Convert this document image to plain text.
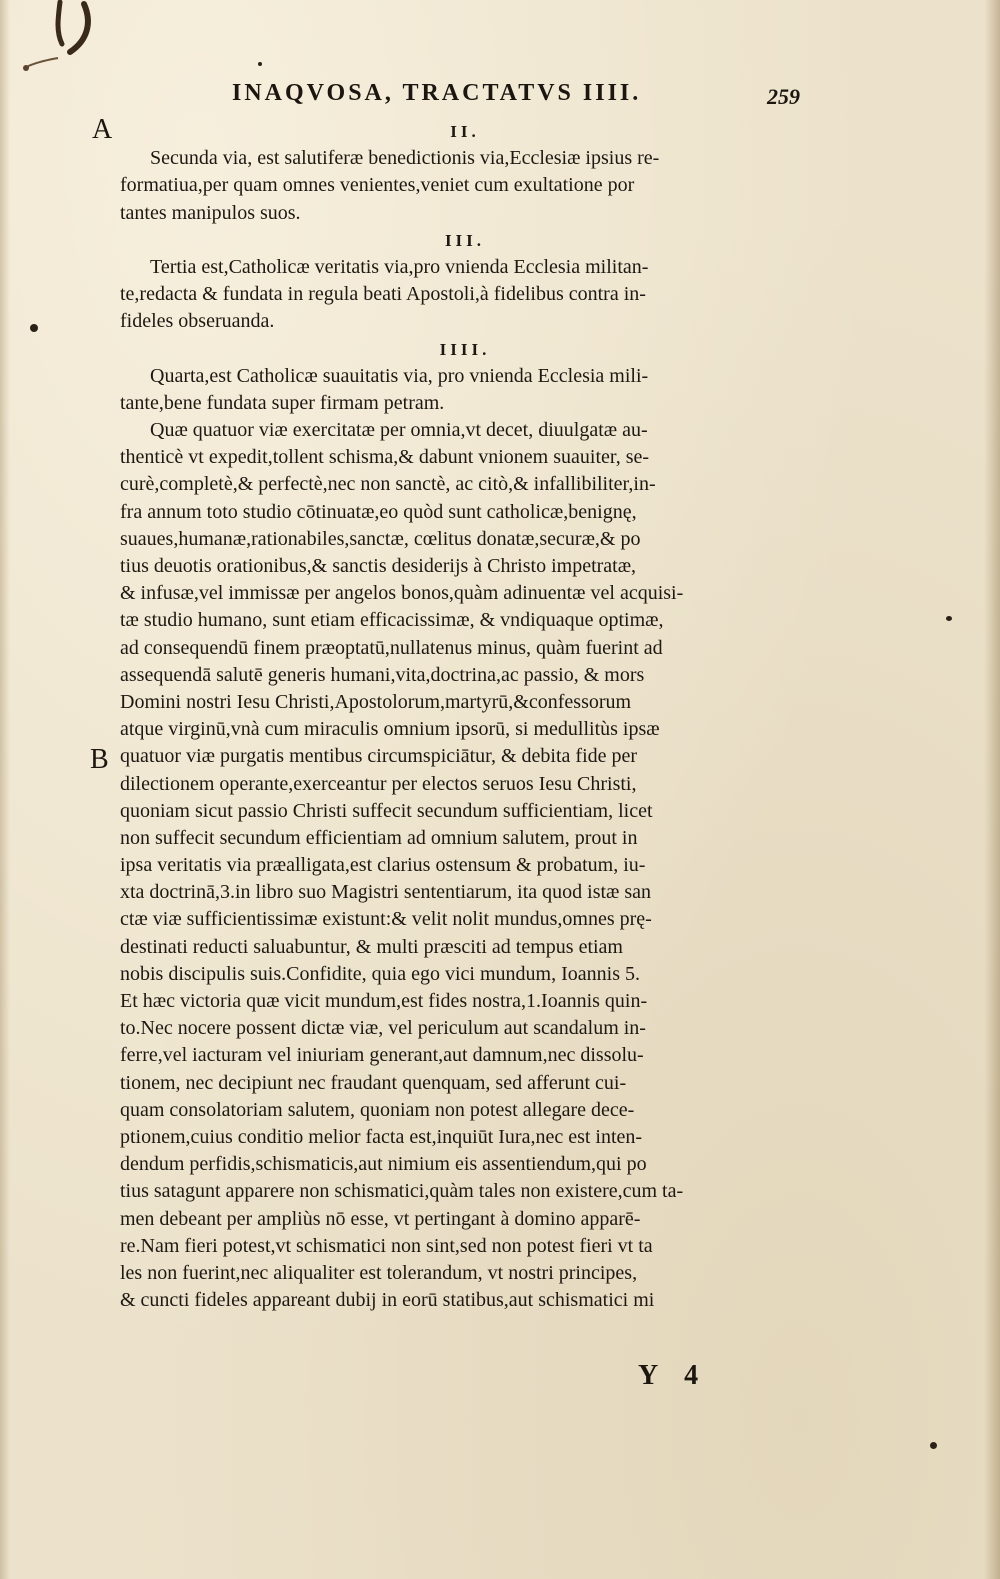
INAQVOSA, TRACTATVS IIII.	259
A
B
II.
Secunda via, est salutiferæ benedictionis via,Ecclesiæ ipsius re-
formatiua,per quam omnes venientes,veniet cum exultatione por
tantes manipulos suos.
III.
Tertia est,Catholicæ veritatis via,pro vnienda Ecclesia militan-
te,redacta & fundata in regula beati Apostoli,à fidelibus contra in-
fideles obseruanda.
IIII.
Quarta,est Catholicæ suauitatis via, pro vnienda Ecclesia mili-
tante,bene fundata super firmam petram.
Quæ quatuor viæ exercitatæ per omnia,vt decet, diuulgatæ au-
thenticè vt expedit,tollent schisma,& dabunt vnionem suauiter, se-
curè,completè,& perfectè,nec non sanctè, ac citò,& infallibiliter,in-
fra annum toto studio cōtinuatæ,eo quòd sunt catholicæ,benignę,
suaues,humanæ,rationabiles,sanctæ, cœlitus donatæ,securæ,& po
tius deuotis orationibus,& sanctis desiderijs à Christo impetratæ,
& infusæ,vel immissæ per angelos bonos,quàm adinuentæ vel acquisi-
tæ studio humano, sunt etiam efficacissimæ, & vndiquaque optimæ,
ad consequendū finem præoptatū,nullatenus minus, quàm fuerint ad
assequendā salutē generis humani,vita,doctrina,ac passio, & mors
Domini nostri Iesu Christi,Apostolorum,martyrū,&confessorum
atque virginū,vnà cum miraculis omnium ipsorū, si medullitùs ipsæ
quatuor viæ purgatis mentibus circumspiciātur, & debita fide per
dilectionem operante,exerceantur per electos seruos Iesu Christi,
quoniam sicut passio Christi suffecit secundum sufficientiam, licet
non suffecit secundum efficientiam ad omnium salutem, prout in
ipsa veritatis via præalligata,est clarius ostensum & probatum, iu-
xta doctrinā,3.in libro suo Magistri sententiarum, ita quod istæ san
ctæ viæ sufficientissimæ existunt:& velit nolit mundus,omnes prę-
destinati reducti saluabuntur, & multi præsciti ad tempus etiam
nobis discipulis suis.Confidite, quia ego vici mundum, Ioannis 5.
Et hæc victoria quæ vicit mundum,est fides nostra,1.Ioannis quin-
to.Nec nocere possent dictæ viæ, vel periculum aut scandalum in-
ferre,vel iacturam vel iniuriam generant,aut damnum,nec dissolu-
tionem, nec decipiunt nec fraudant quenquam, sed afferunt cui-
quam consolatoriam salutem, quoniam non potest allegare dece-
ptionem,cuius conditio melior facta est,inquiūt Iura,nec est inten-
dendum perfidis,schismaticis,aut nimium eis assentiendum,qui po
tius satagunt apparere non schismatici,quàm tales non existere,cum ta-
men debeant per ampliùs nō esse, vt pertingant à domino apparē-
re.Nam fieri potest,vt schismatici non sint,sed non potest fieri vt ta
les non fuerint,nec aliqualiter est tolerandum, vt nostri principes,
& cuncti fideles appareant dubij in eorū statibus,aut schismatici mi
Y 4
